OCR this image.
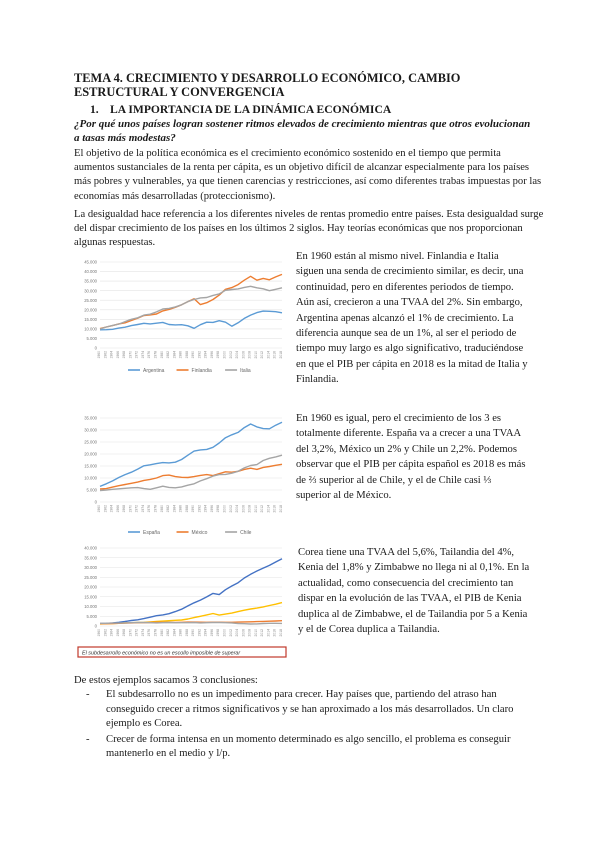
TEMA 4. CRECIMIENTO Y DESARROLLO ECONÓMICO, CAMBIO ESTRUCTURAL Y CONVERGENCIA
1. LA IMPORTANCIA DE LA DINÁMICA ECONÓMICA
¿Por qué unos países logran sostener ritmos elevados de crecimiento mientras que otros evolucionan a tasas más modestas?
El objetivo de la política económica es el crecimiento económico sostenido en el tiempo que permita aumentos sustanciales de la renta per cápita, es un objetivo difícil de alcanzar especialmente para los países más pobres y vulnerables, ya que tienen carencias y restricciones, así como diferentes trabas impuestas por las economías más desarrolladas (proteccionismo).
La desigualdad hace referencia a los diferentes niveles de rentas promedio entre países. Esta desigualdad surge del dispar crecimiento de los países en los últimos 2 siglos. Hay teorías económicas que nos proporcionan algunas respuestas.
0
5.000
10.000
15.000
20.000
25.000
30.000
35.000
40.000
45.000
1960 1962 1964 1966 1968 1970 1972 1974 1976 1978 1980 1982 1984 1986 1988 1990 1992 1994 1996 1998 2000 2002 2004 2006 2008 2010 2012 2014 2016 2018
Argentina	Finlandia	Italia
En 1960 están al mismo nivel. Finlandia e Italia siguen una senda de crecimiento similar, es decir, una continuidad, pero en diferentes periodos de tiempo. Aún así, crecieron a una TVAA del 2%. Sin embargo, Argentina apenas alcanzó el 1% de crecimiento. La diferencia aunque sea de un 1%, al ser el periodo de tiempo muy largo es algo significativo, traduciéndose en que el PIB per cápita en 2018 es la mitad de Italia y Finlandia.
0
5.000
10.000
15.000
20.000
25.000
30.000
35.000
1960 1962 1964 1966 1968 1970 1972 1974 1976 1978 1980 1982 1984 1986 1988 1990 1992 1994 1996 1998 2000 2002 2004 2006 2008 2010 2012 2014 2016 2018
España	México	Chile
En 1960 es igual, pero el crecimiento de los 3 es totalmente diferente. España va a crecer a una TVAA del 3,2%, México un 2% y Chile un 2,2%. Podemos observar que el PIB per cápita español es 2018 es más de ⅔ superior al de Chile, y el de Chile casi ⅓ superior al de México.
0
5.000
10.000
15.000
20.000
25.000
30.000
35.000
40.000
1960 1962 1964 1966 1968 1970 1972 1974 1976 1978 1980 1982 1984 1986 1988 1990 1992 1994 1996 1998 2000 2002 2004 2006 2008 2010 2012 2014 2016 2018
El subdesarrollo económico no es un escollo imposible de superar
Corea tiene una TVAA del 5,6%, Tailandia del 4%, Kenia del 1,8% y Zimbabwe no llega ni al 0,1%. En la actualidad, como consecuencia del crecimiento tan dispar en la evolución de las TVAA, el PIB de Kenia duplica al de Zimbabwe, el de Tailandia por 5 a Kenia y el de Corea duplica a Tailandia.
De estos ejemplos sacamos 3 conclusiones:
- El subdesarrollo no es un impedimento para crecer. Hay países que, partiendo del atraso han conseguido crecer a ritmos significativos y se han aproximado a los más desarrollados. Un claro ejemplo es Corea.
- Crecer de forma intensa en un momento determinado es algo sencillo, el problema es conseguir mantenerlo en el medio y l/p.
